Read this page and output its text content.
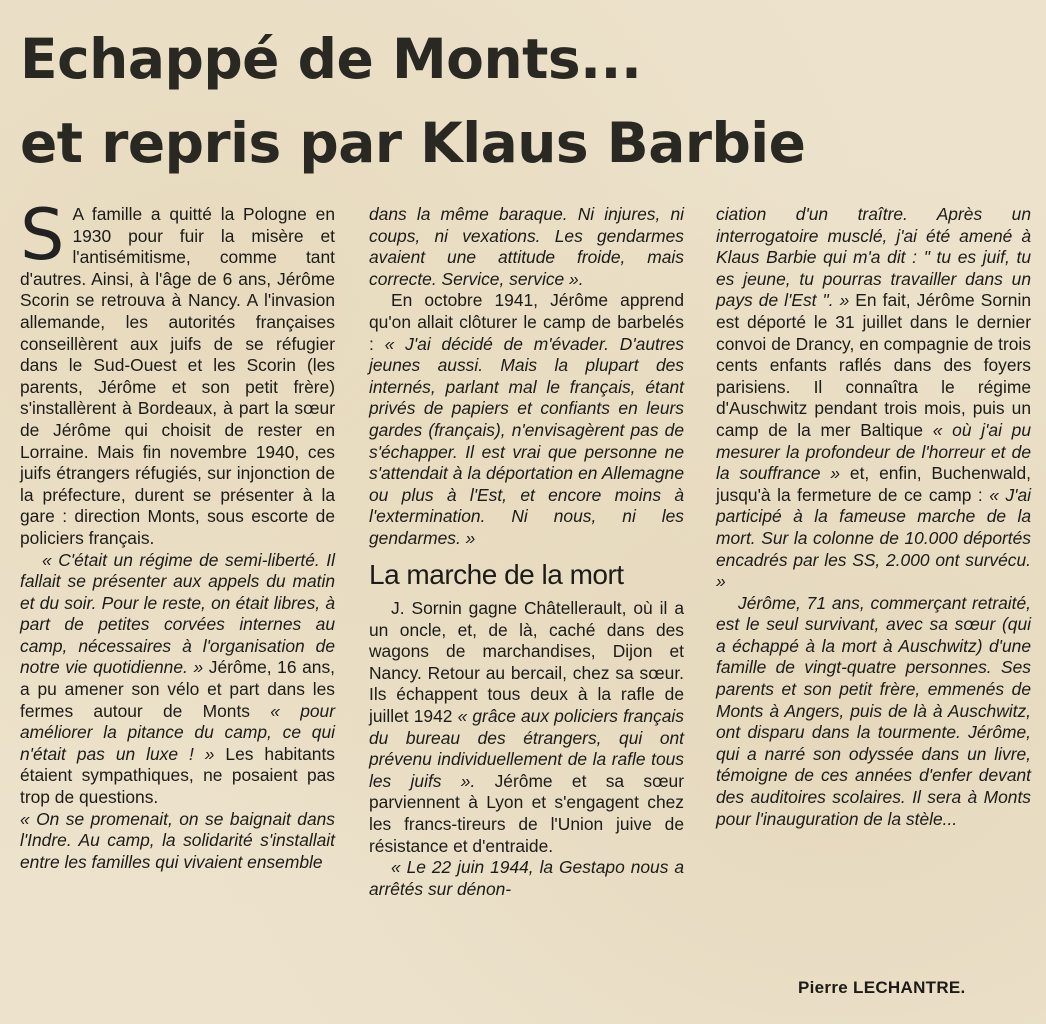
Echappé de Monts...
et repris par Klaus Barbie

S A famille a quitté la Pologne en 1930 pour fuir la misère et l'antisémitisme, comme tant d'autres. Ainsi, à l'âge de 6 ans, Jérôme Scorin se retrouva à Nancy. A l'invasion allemande, les autorités françaises conseillèrent aux juifs de se réfugier dans le Sud-Ouest et les Scorin (les parents, Jérôme et son petit frère) s'installèrent à Bordeaux, à part la sœur de Jérôme qui choisit de rester en Lorraine. Mais fin novembre 1940, ces juifs étrangers réfugiés, sur injonction de la préfecture, durent se présenter à la gare : direction Monts, sous escorte de policiers français.

« C'était un régime de semi-liberté. Il fallait se présenter aux appels du matin et du soir. Pour le reste, on était libres, à part de petites corvées internes au camp, nécessaires à l'organisation de notre vie quotidienne. » Jérôme, 16 ans, a pu amener son vélo et part dans les fermes autour de Monts « pour améliorer la pitance du camp, ce qui n'était pas un luxe ! » Les habitants étaient sympathiques, ne posaient pas trop de questions.

« On se promenait, on se baignait dans l'Indre. Au camp, la solidarité s'installait entre les familles qui vivaient ensemble

dans la même baraque. Ni injures, ni coups, ni vexations. Les gendarmes avaient une attitude froide, mais correcte. Service, service ».

En octobre 1941, Jérôme apprend qu'on allait clôturer le camp de barbelés : « J'ai décidé de m'évader. D'autres jeunes aussi. Mais la plupart des internés, parlant mal le français, étant privés de papiers et confiants en leurs gardes (français), n'envisagèrent pas de s'échapper. Il est vrai que personne ne s'attendait à la déportation en Allemagne ou plus à l'Est, et encore moins à l'extermination. Ni nous, ni les gendarmes. »

La marche de la mort

J. Sornin gagne Châtellerault, où il a un oncle, et, de là, caché dans des wagons de marchandises, Dijon et Nancy. Retour au bercail, chez sa sœur. Ils échappent tous deux à la rafle de juillet 1942 « grâce aux policiers français du bureau des étrangers, qui ont prévenu individuellement de la rafle tous les juifs ». Jérôme et sa sœur parviennent à Lyon et s'engagent chez les francs-tireurs de l'Union juive de résistance et d'entraide.

« Le 22 juin 1944, la Gestapo nous a arrêtés sur dénon-

ciation d'un traître. Après un interrogatoire musclé, j'ai été amené à Klaus Barbie qui m'a dit : " tu es juif, tu es jeune, tu pourras travailler dans un pays de l'Est ". » En fait, Jérôme Sornin est déporté le 31 juillet dans le dernier convoi de Drancy, en compagnie de trois cents enfants raflés dans des foyers parisiens. Il connaîtra le régime d'Auschwitz pendant trois mois, puis un camp de la mer Baltique « où j'ai pu mesurer la profondeur de l'horreur et de la souffrance » et, enfin, Buchenwald, jusqu'à la fermeture de ce camp : « J'ai participé à la fameuse marche de la mort. Sur la colonne de 10.000 déportés encadrés par les SS, 2.000 ont survécu. »

Jérôme, 71 ans, commerçant retraité, est le seul survivant, avec sa sœur (qui a échappé à la mort à Auschwitz) d'une famille de vingt-quatre personnes. Ses parents et son petit frère, emmenés de Monts à Angers, puis de là à Auschwitz, ont disparu dans la tourmente. Jérôme, qui a narré son odyssée dans un livre, témoigne de ces années d'enfer devant des auditoires scolaires. Il sera à Monts pour l'inauguration de la stèle...

Pierre LECHANTRE.
